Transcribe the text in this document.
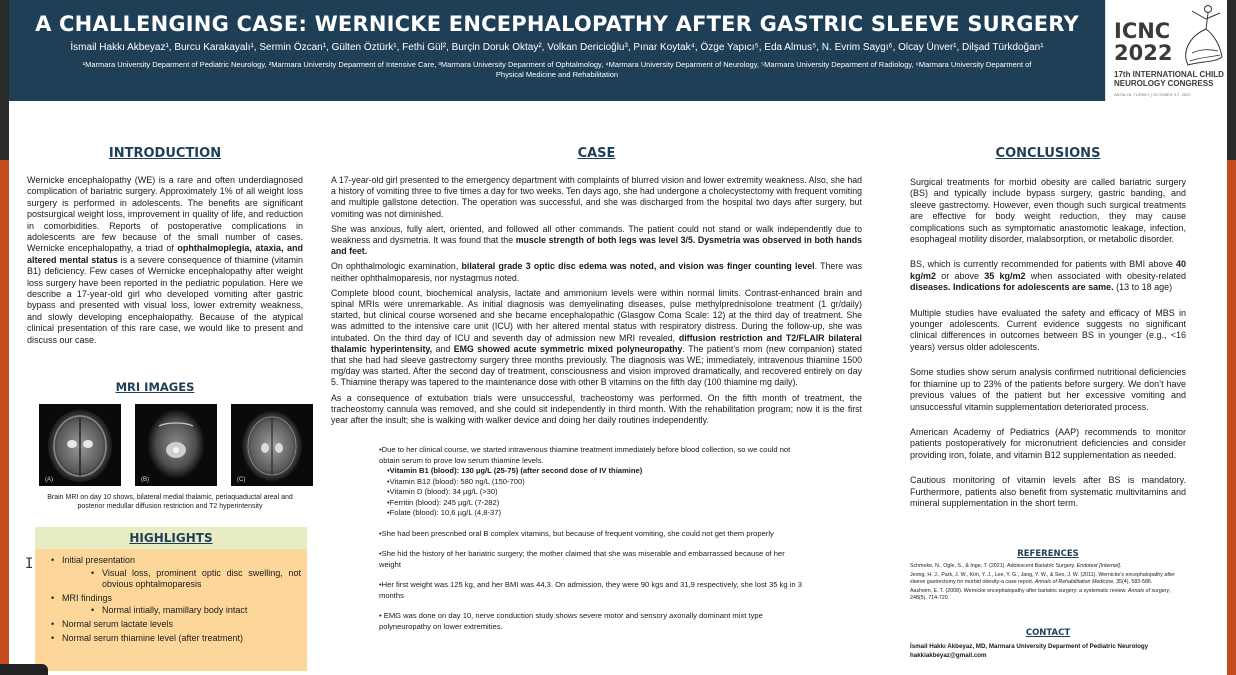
A CHALLENGING CASE: WERNICKE ENCEPHALOPATHY AFTER GASTRIC SLEEVE SURGERY
İsmail Hakkı Akbeyaz¹, Burcu Karakayalı¹, Sermin Özcan¹, Gülten Öztürk¹, Fethi Gül², Burçin Doruk Oktay², Volkan Dericioğlu³, Pınar Koytak⁴, Özge Yapıcı⁵, Eda Almus⁵, N. Evrim Saygı⁶, Olcay Ünver¹, Dilşad Türkdoğan¹
¹Marmara University Deparment of Pediatric Neurology, ²Marmara University Deparment of Intensive Care, ³Marmara University Deparment of Ophtalmology, ⁴Marmara University Deparment of Neurology, ⁵Marmara University Deparment of Radiology, ⁶Marmara University Deparment of Physical Medicine and Rehabilitation
ICNC
2022
17th INTERNATIONAL CHILD NEUROLOGY CONGRESS
ANTALYA, TURKEY | OCTOBER 3-7, 2022
INTRODUCTION
Wernicke encephalopathy (WE) is a rare and often underdiagnosed complication of bariatric surgery. Approximately 1% of all weight loss surgery is performed in adolescents. The benefits are significant postsurgical weight loss, improvement in quality of life, and reduction in comorbidities. Reports of postoperative complications in adolescents are few because of the small number of cases. Wernicke encephalopathy, a triad of ophthalmoplegia, ataxia, and altered mental status is a severe consequence of thiamine (vitamin B1) deficiency. Few cases of Wernicke encephalopathy after weight loss surgery have been reported in the pediatric population. Here we describe a 17-year-old girl who developed vomiting after gastric bypass and presented with visual loss, lower extremity weakness, and slowly developing encephalopathy. Because of the atypical clinical presentation of this rare case, we would like to present and discuss our case.
MRI IMAGES
(A)	(B)	(C)
Brain MRI on day 10 shows, bilateral medial thalamic, periaquaductal areal and posterior medullar diffusion restriction and T2 hyperintensity
HIGHLIGHTS
• Initial presentation
• Visual loss, prominent optic disc swelling, not obvious ophtalmoparesis
• MRI findings
• Normal intially, mamillary body intact
• Normal serum lactate levels
• Normal serum thiamine level (after treatment)
CASE

A 17-year-old girl presented to the emergency department with complaints of blurred vision and lower extremity weakness. Also, she had a history of vomiting three to five times a day for two weeks. Ten days ago, she had undergone a cholecystectomy with frequent vomiting and multiple gallstone detection. The operation was successful, and she was discharged from the hospital two days after surgery, but vomiting was not diminished.

She was anxious, fully alert, oriented, and followed all other commands. The patient could not stand or walk independently due to weakness and dysmetria. It was found that the muscle strength of both legs was level 3/5. Dysmetria was observed in both hands and feet.

On ophthalmologic examination, bilateral grade 3 optic disc edema was noted, and vision was finger counting level. There was neither ophthalmoparesis, nor nystagmus noted.

Complete blood count, biochemical analysis, lactate and ammonium levels were within normal limits. Contrast-enhanced brain and spinal MRIs were unremarkable. As initial diagnosis was demyelinating diseases, pulse methylprednisolone treatment (1 gr/daily) started, but clinical course worsened and she became encephalopathic (Glasgow Coma Scale: 12) at the third day of treatment. She was admitted to the intensive care unit (ICU) with her altered mental status with respiratory distress. During the follow-up, she was intubated. On the third day of ICU and seventh day of admission new MRI revealed, diffusion restriction and T2/FLAIR bilateral thalamic hyperintensity, and EMG showed acute symmetric mixed polyneuropathy. The patient’s mom (new companion) stated that she had had sleeve gastrectomy surgery three months previously. The diagnosis was WE; immediately, intravenous thiamine 1500 mg/day was started. After the second day of treatment, consciousness and vision improved dramatically, and recovered entirely on day 5. Thiamine therapy was tapered to the maintenance dose with other B vitamins on the fifth day (100 thiamine mg daily).

As a consequence of extubation trials were unsuccessful, tracheostomy was performed. On the fifth month of treatment, the tracheostomy cannula was removed, and she could sit independently in third month. With the rehabilitation program; now it is the first year after the insult; she is walking with walker device and doing her daily routines independently.

•Due to her clinical course, we started intravenous thiamine treatment immediately before blood collection, so we could not obtain serum to prove low serum thiamine levels.
•Vitamin B1 (blood): 130 µg/L (25-75) (after second dose of IV thiamine)
•Vitamin B12 (blood): 580 ng/L (150-700)
•Vitamin D (blood): 34 µg/L (>30)
•Ferritin (blood): 245 µg/L (7-282)
•Folate (blood): 10,6 µg/L (4,8-37)
•She had been prescribed oral B complex vitamins, but because of frequent vomiting, she could not get them properly
•She hid the history of her bariatric surgery; the mother claimed that she was miserable and embarrassed because of her weight
•Her first weight was 125 kg, and her BMI was 44,3. On admission, they were 90 kgs and 31,9 respectively, she lost 35 kg in 3 months
• EMG was done on day 10, nerve conduction study shows severe motor and sensory axonally dominant mixt type polyneuropathy on lower extremities.
CONCLUSIONS

Surgical treatments for morbid obesity are called bariatric surgery (BS) and typically include bypass surgery, gastric banding, and sleeve gastrectomy. However, even though such surgical treatments are effective for body weight reduction, they may cause complications such as symptomatic anastomotic leakage, infection, esophageal motility disorder, malabsorption, or metabolic disorder.

BS, which is currently recommended for patients with BMI above 40 kg/m2 or above 35 kg/m2 when associated with obesity-related diseases. Indications for adolescents are same. (13 to 18 age)

Multiple studies have evaluated the safety and efficacy of MBS in younger adolescents. Current evidence suggests no significant clinical differences in outcomes between BS in younger (e.g., <16 years) versus older adolescents.

Some studies show serum analysis confirmed nutritional deficiencies for thiamine up to 23% of the patients before surgery. We don’t have previous values of the patient but her excessive vomiting and unsuccessful vitamin supplementation deteriorated process.

American Academy of Pediatrics (AAP) recommends to monitor patients postoperatively for micronutrient deficiencies and consider providing iron, folate, and vitamin B12 supplementation as needed.

Cautious monitoring of vitamin levels after BS is mandatory. Furthermore, patients also benefit from systematic multivitamins and mineral supplementation in the short term.

REFERENCES
Schmoke, N., Ogle, S., & Inge, T. (2021). Adolescent Bariatric Surgery. Endotext [Internet].
Jeong, H. J., Park, J. W., Kim, Y. J., Lee, Y. G., Jang, Y. W., & Seo, J. W. (2011). Wernicke’s encephalopathy after sleeve gastrectomy for morbid obesity-a case report. Annals of Rehabilitation Medicine, 35(4), 583-586.
Aasheim, E. T. (2008). Wernicke encephalopathy after bariatric surgery: a systematic review. Annals of surgery, 248(5), 714-720.
CONTACT
İsmail Hakkı Akbeyaz, MD, Marmara University Deparment of Pediatric Neurology
hakkiakbeyaz@gmail.com
I
